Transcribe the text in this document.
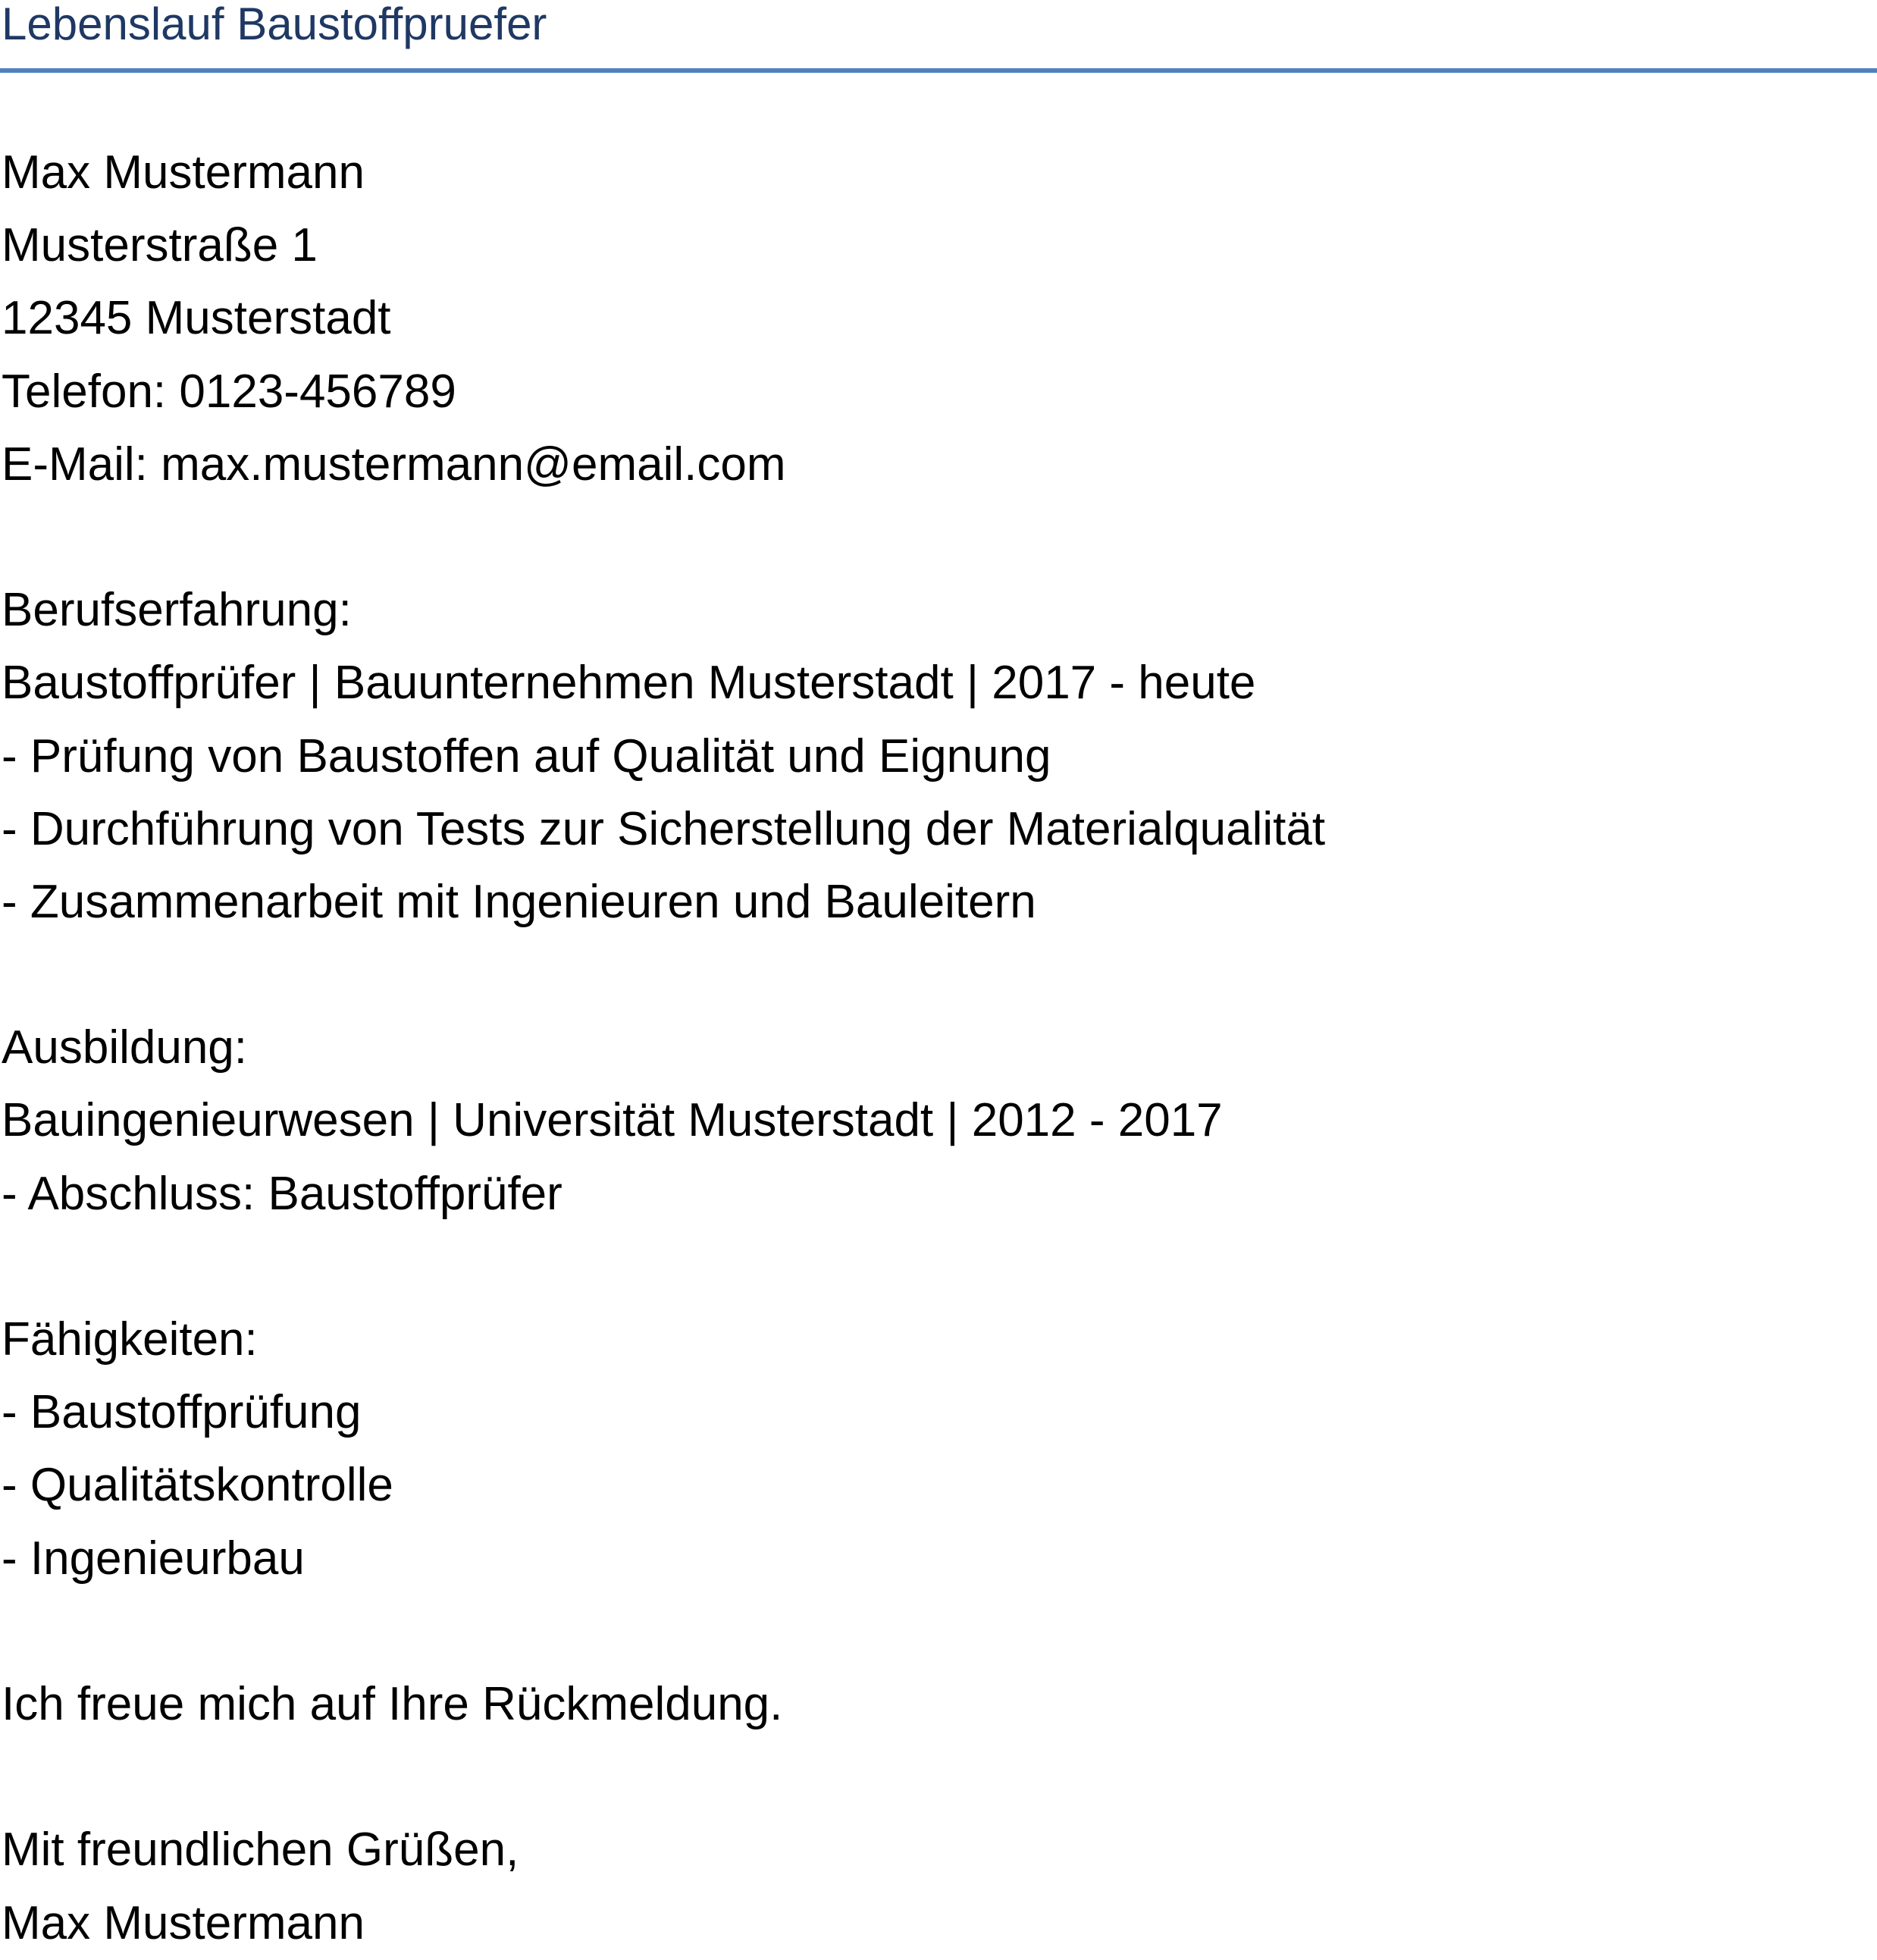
Lebenslauf Baustoffpruefer
Max Mustermann
Musterstraße 1
12345 Musterstadt
Telefon: 0123-456789
E-Mail: max.mustermann@email.com
Berufserfahrung:
Baustoffprüfer | Bauunternehmen Musterstadt | 2017 - heute
- Prüfung von Baustoffen auf Qualität und Eignung
- Durchführung von Tests zur Sicherstellung der Materialqualität
- Zusammenarbeit mit Ingenieuren und Bauleitern
Ausbildung:
Bauingenieurwesen | Universität Musterstadt | 2012 - 2017
- Abschluss: Baustoffprüfer
Fähigkeiten:
- Baustoffprüfung
- Qualitätskontrolle
- Ingenieurbau
Ich freue mich auf Ihre Rückmeldung.
Mit freundlichen Grüßen,
Max Mustermann
